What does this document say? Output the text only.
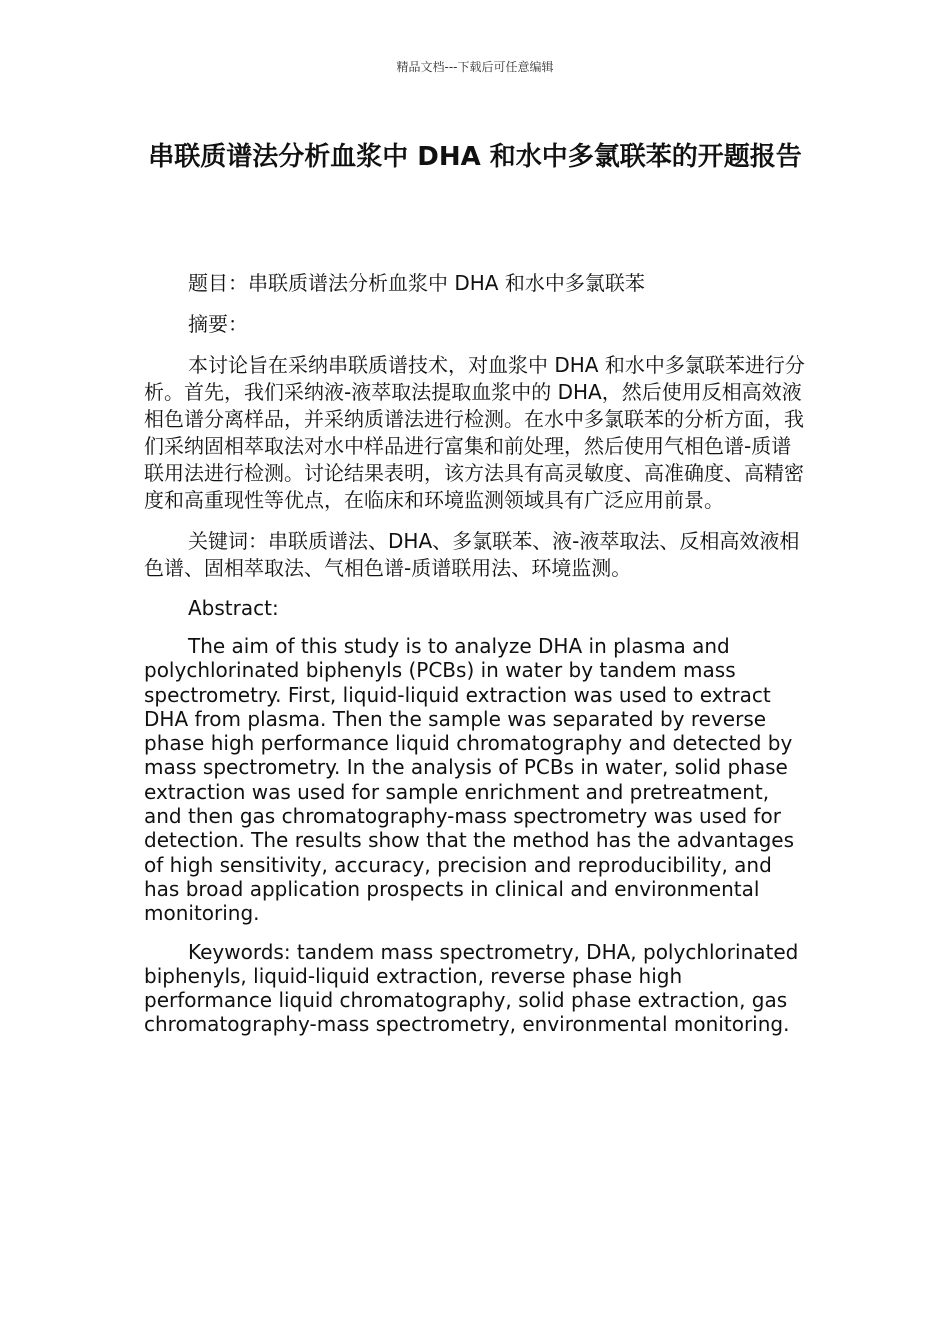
精品文档---下载后可任意编辑
串联质谱法分析血浆中 DHA 和水中多氯联苯的开题报告

题目：串联质谱法分析血浆中 DHA 和水中多氯联苯

摘要：

本讨论旨在采纳串联质谱技术，对血浆中 DHA 和水中多氯联苯进行分析。首先，我们采纳液-液萃取法提取血浆中的 DHA，然后使用反相高效液相色谱分离样品，并采纳质谱法进行检测。在水中多氯联苯的分析方面，我们采纳固相萃取法对水中样品进行富集和前处理，然后使用气相色谱-质谱联用法进行检测。讨论结果表明，该方法具有高灵敏度、高准确度、高精密度和高重现性等优点，在临床和环境监测领域具有广泛应用前景。

关键词：串联质谱法、DHA、多氯联苯、液-液萃取法、反相高效液相色谱、固相萃取法、气相色谱-质谱联用法、环境监测。

Abstract:

The aim of this study is to analyze DHA in plasma and polychlorinated biphenyls (PCBs) in water by tandem mass spectrometry. First, liquid-liquid extraction was used to extract DHA from plasma. Then the sample was separated by reverse phase high performance liquid chromatography and detected by mass spectrometry. In the analysis of PCBs in water, solid phase extraction was used for sample enrichment and pretreatment, and then gas chromatography-mass spectrometry was used for detection. The results show that the method has the advantages of high sensitivity, accuracy, precision and reproducibility, and has broad application prospects in clinical and environmental monitoring.

Keywords: tandem mass spectrometry, DHA, polychlorinated biphenyls, liquid-liquid extraction, reverse phase high performance liquid chromatography, solid phase extraction, gas chromatography-mass spectrometry, environmental monitoring.
